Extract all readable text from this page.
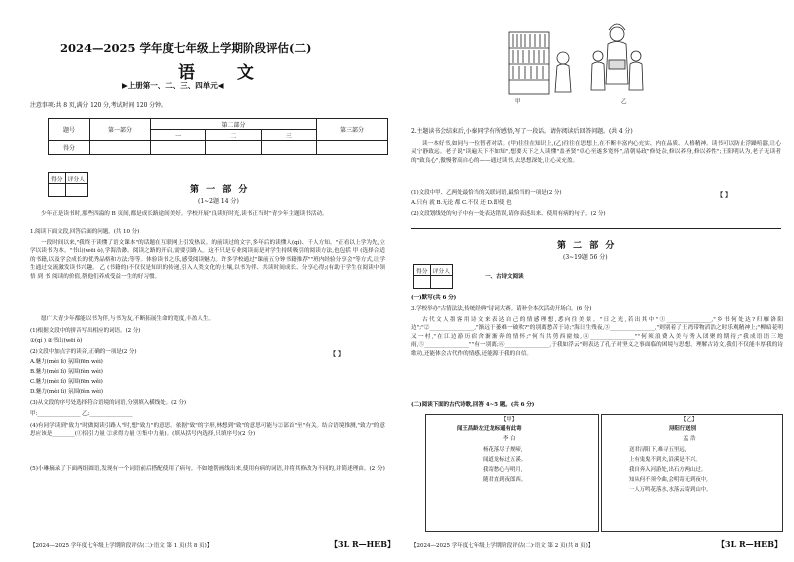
2024—2025 学年度七年级上学期阶段评估(二)
语 文
▶上册第一、二、三、四单元◀
注意事项:共 8 页,满分 120 分,考试时间 120 分钟。
题号	第一部分	第二部分			第三部分
		一	二	三	
得分					
得分	评分人

第 一 部 分
(1~2题 14 分)
少年正是读书时,那些四溢的 B 页间,都是成长路途间美好。学校开展"良读好时光,读书正当时"青少年主题读书活动。
1.阅读下面文段,回答后面的问题。(共 10 分)
一段时间以来,"我终于读懂了语文课本"的话题在互联网上引发热议。的前读过的文字,多年后的读懂人(qí)、千人方知。"正看以上学为先,立学以读书为本。"书山(wēi ò),学海浩渺。阅读之路的开启,需要引路人。这不只是专业阅读而是对学生持续吸引的阅读方法,也包括 甲 (选择合适的书籍,以及学会成长的优秀品格和方法;等等。体验读书之乐,感受阅读魅力。许多学校通过"课前五分钟书籍推荐""班内经验分享会"等方式,让学生通过交流激发读书兴趣。 乙 (书籍的)不仅仅是知识的传递,引入人类文化的土壤,以书为伴、共读时间成长、分享心得;(有助于学生在阅读中领悟 到 书 阅读的价值,帮他们养成受益一生的好习惯。
愿广大青少年都能以书为伴,与书为友,不断拓展生命的宽度,丰盈人生。
(1)根据文段中的拼音写出相应的词语。(2 分)
①(qí ) ②书山(wēi ò)
(2)文段中加点字的读音,正确的一项是(2 分)	【 】
A.魅力(mèi lì) 氛围(fēn wéi)
B.魅力(mèi lì) 氛围(fèn wéi)
C.魅力(mèi lì) 氛围(fēn wěi)
D.魅力(mèi lì) 氛围(fèn wèi)
(3)从文段的序号处选择符合语境的词语,分别填入横线处。(2 分)
甲:________________ 乙:________________
(4)有同学读到"致力"时做阅读引路人"时,想"致力"的意思。依据"致"的字形,林想到"致"的意思可能与②部首"至"有关。结合语境推测,"致力"的意思应该是________(①招引力量 ②求得力量 ③集中力量)。(填从括号内选择,只填序号)(2 分)
(5)小琳摘录了下面两组圆语,发现有一个词语前后搭配使用了病句。不如她帮画线出来,使用有病的词语,并将其修改为不同的,并简述理由。(2 分)
【2024—2025 学年度七年级上学期阶段评估(二)·语文 第 1 页(共 8 页)】	【3L R—HEB】
甲	乙
2.主题读书会结束后,小秦同学有所感悟,写了一段话。请你阅读后回答问题。(共 4 分)
读一本好书,如同与一位智者对话。(甲)往往在知识上,(乙)往往在思想上,在不断丰富内心充实、内在品质、人格精神。读书可以防止浮躁喧嚣,让心灵宁静致远。老子说"读遍天下不如知",想要天下之人读懂"盖圣贤"卓心至遂多宽怀",清朝易政"修处杂,修以养身,修以养性";王阳明认为,老子无读者的"致良心",傲慢奢高自心的——通过读书,去思想深处,让心灵充盈。
(1)文段中甲、乙两处最恰当的关联词语,最恰当的一项是(2 分)	【 】
A.只有 就 B.无论 都 C.不仅 还 D.即使 也
(2)文段划线处的句子中有一处表达错误,请你表述出来、使用有病的句子。(2 分)
第 二 部 分
(3~19题 56 分)
得分	评分人

一、古诗文阅读
(一)默写(共 6 分)
3.学校举办"古情法法,传统经典"诗词大赛。请补全本次活动开场白。(6 分)
古代文人墨客用诗文来表达自己的情感理想,悉向往美景。"日之光,若出其中"①________________,"乡书何处达?归雁洛阳边";"②________________,"渐远于萎难一破吹?"的别离愁苦于诗;"海日生残夜,③________________,"则别着了王湾带物滔浩之时乐观精神上;"柳暗花明又一村,"在江边游历宿舍渐渐奔的情怀;"何当共剪西窗烛,④________________""何须浪费入美与秀入团聚的期待;"我成语语三地雨,⑤________________""有一别离;⑥________________,于我如浮云"则表达了孔子对坚义之事面临的困境与思想。理解古诗文,我们不仅能丰厚我的诗歌功,还能体会古代作的情感,还能源于我的自信。
(二)阅读下面的古代诗歌,回答 4~5 题。(共 6 分)
【甲】
闻王昌龄左迁龙标遥有此寄
李 白
杨花落尽子规啼,
闻道龙标过五溪。
我寄愁心与明月,
随君直到夜郎西。
【乙】
浔阳行送别
孟 浩
送君浔阳下,难寻五里远,
上有鬼鬼不到夫,沿溪是不兴。
我自奔入河游处,出石方两山过。
知从何不须今曲,会明寄无到夜中,
一人万鸣花落水,水落云寄到山中。
【2024—2025 学年度七年级上学期阶段评估(二)·语文 第 2 页(共 8 页)】	【3L R—HEB】
